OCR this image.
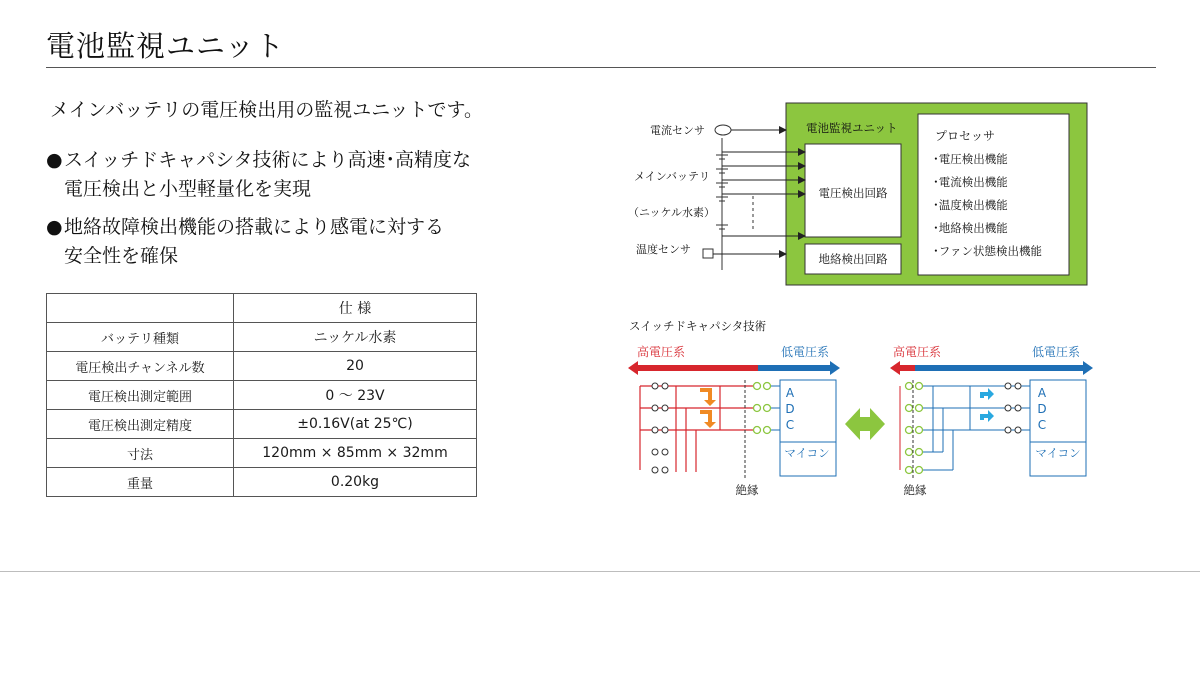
電池監視ユニット
メインバッテリの電圧検出用の監視ユニットです。
●スイッチドキャパシタ技術により高速･高精度な
電圧検出と小型軽量化を実現
●地絡故障検出機能の搭載により感電に対する
安全性を確保
	仕 様
バッテリ種類	ニッケル水素
電圧検出チャンネル数	20
電圧検出測定範囲	0 ～ 23V
電圧検出測定精度	±0.16V(at 25℃)
寸法	120mm × 85mm × 32mm
重量	0.20kg
電池監視ユニット
電圧検出回路
地絡検出回路
プロセッサ
･電圧検出機能
･電流検出機能
･温度検出機能
･地絡検出機能
･ファン状態検出機能
電流センサ
メインバッテリ
（ニッケル水素）
温度センサ
スイッチドキャパシタ技術
高電圧系	低電圧系
A
D
C
マイコン
絶縁
高電圧系	低電圧系
A
D
C
マイコン
絶縁
